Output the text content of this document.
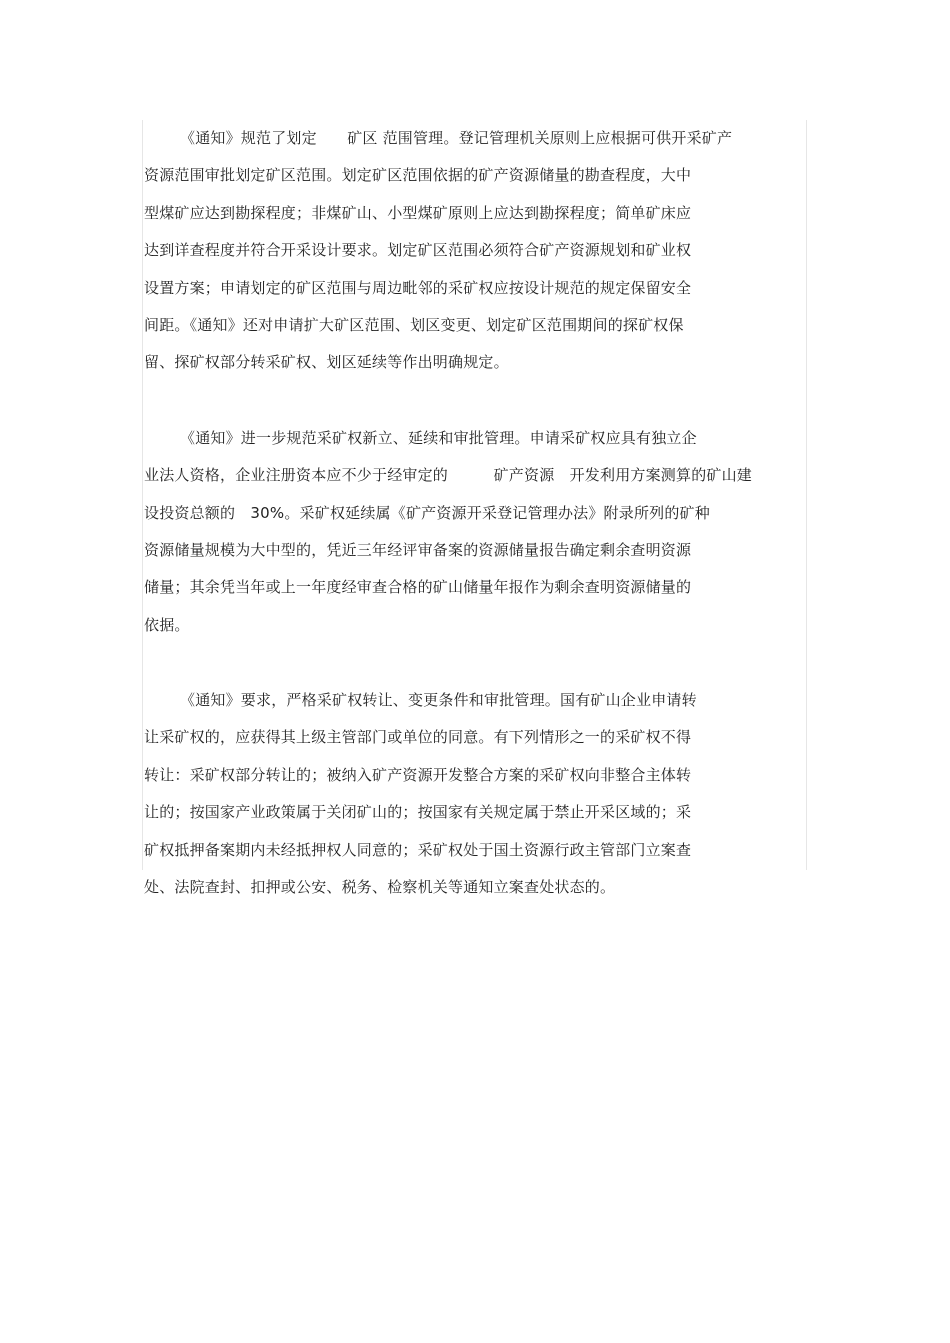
《通知》规范了划定　　矿区 范围管理。登记管理机关原则上应根据可供开采矿产
资源范围审批划定矿区范围。划定矿区范围依据的矿产资源储量的勘查程度，大中
型煤矿应达到勘探程度；非煤矿山、小型煤矿原则上应达到勘探程度；简单矿床应
达到详查程度并符合开采设计要求。划定矿区范围必须符合矿产资源规划和矿业权
设置方案；申请划定的矿区范围与周边毗邻的采矿权应按设计规范的规定保留安全
间距。《通知》还对申请扩大矿区范围、划区变更、划定矿区范围期间的探矿权保
留、探矿权部分转采矿权、划区延续等作出明确规定。
《通知》进一步规范采矿权新立、延续和审批管理。申请采矿权应具有独立企
业法人资格，企业注册资本应不少于经审定的　　　矿产资源　开发利用方案测算的矿山建
设投资总额的　30%。采矿权延续属《矿产资源开采登记管理办法》附录所列的矿种
资源储量规模为大中型的，凭近三年经评审备案的资源储量报告确定剩余查明资源
储量；其余凭当年或上一年度经审查合格的矿山储量年报作为剩余查明资源储量的
依据。
《通知》要求，严格采矿权转让、变更条件和审批管理。国有矿山企业申请转
让采矿权的，应获得其上级主管部门或单位的同意。有下列情形之一的采矿权不得
转让：采矿权部分转让的；被纳入矿产资源开发整合方案的采矿权向非整合主体转
让的；按国家产业政策属于关闭矿山的；按国家有关规定属于禁止开采区域的；采
矿权抵押备案期内未经抵押权人同意的；采矿权处于国土资源行政主管部门立案查
处、法院查封、扣押或公安、税务、检察机关等通知立案查处状态的。
